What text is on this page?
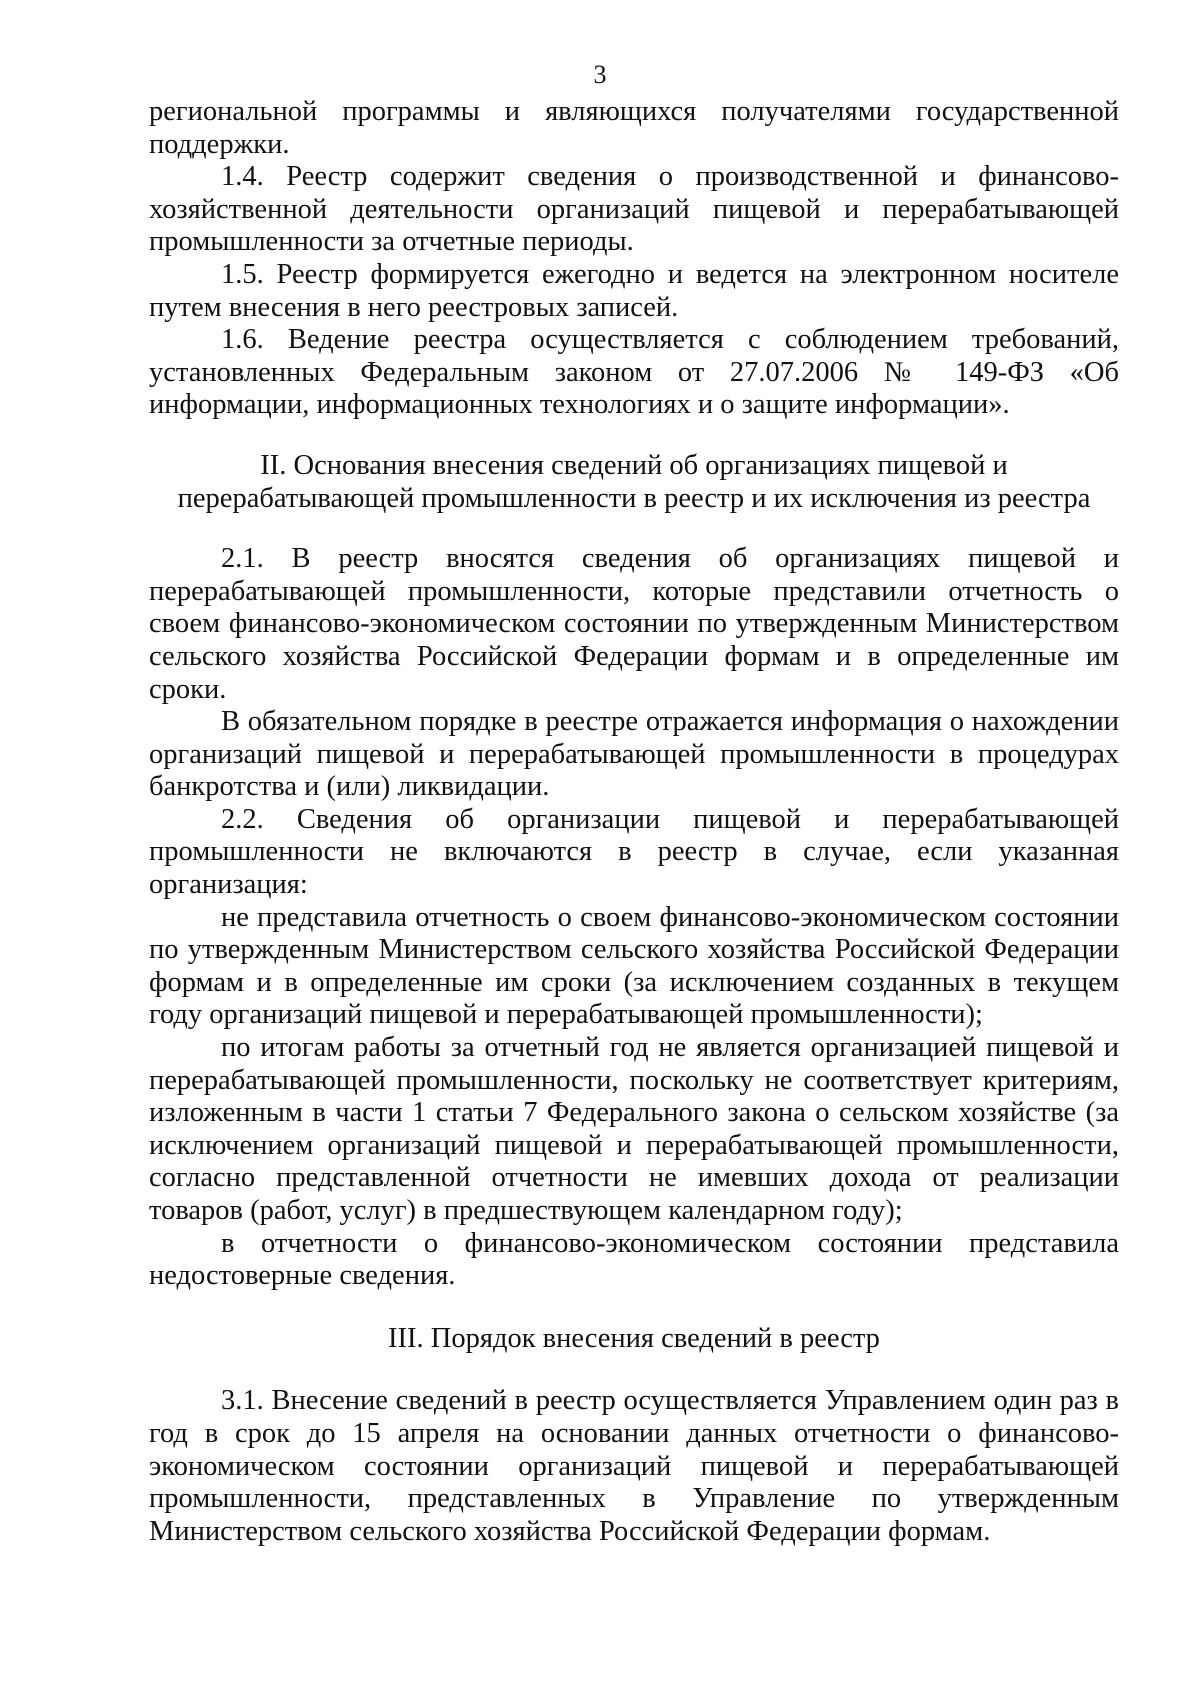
3

региональной программы и являющихся получателями государственной поддержки.

1.4. Реестр содержит сведения о производственной и финансово-хозяйственной деятельности организаций пищевой и перерабатывающей промышленности за отчетные периоды.

1.5. Реестр формируется ежегодно и ведется на электронном носителе путем внесения в него реестровых записей.

1.6. Ведение реестра осуществляется с соблюдением требований, установленных Федеральным законом от 27.07.2006 № 149-ФЗ «Об информации, информационных технологиях и о защите информации».

II. Основания внесения сведений об организациях пищевой и
перерабатывающей промышленности в реестр и их исключения из реестра

2.1. В реестр вносятся сведения об организациях пищевой и перерабатывающей промышленности, которые представили отчетность о своем финансово-экономическом состоянии по утвержденным Министерством сельского хозяйства Российской Федерации формам и в определенные им сроки.

В обязательном порядке в реестре отражается информация о нахождении организаций пищевой и перерабатывающей промышленности в процедурах банкротства и (или) ликвидации.

2.2. Сведения об организации пищевой и перерабатывающей промышленности не включаются в реестр в случае, если указанная организация:

не представила отчетность о своем финансово-экономическом состоянии по утвержденным Министерством сельского хозяйства Российской Федерации формам и в определенные им сроки (за исключением созданных в текущем году организаций пищевой и перерабатывающей промышленности);

по итогам работы за отчетный год не является организацией пищевой и перерабатывающей промышленности, поскольку не соответствует критериям, изложенным в части 1 статьи 7 Федерального закона о сельском хозяйстве (за исключением организаций пищевой и перерабатывающей промышленности, согласно представленной отчетности не имевших дохода от реализации товаров (работ, услуг) в предшествующем календарном году);

в отчетности о финансово-экономическом состоянии представила недостоверные сведения.

III. Порядок внесения сведений в реестр

3.1. Внесение сведений в реестр осуществляется Управлением один раз в год в срок до 15 апреля на основании данных отчетности о финансово-экономическом состоянии организаций пищевой и перерабатывающей промышленности, представленных в Управление по утвержденным Министерством сельского хозяйства Российской Федерации формам.
